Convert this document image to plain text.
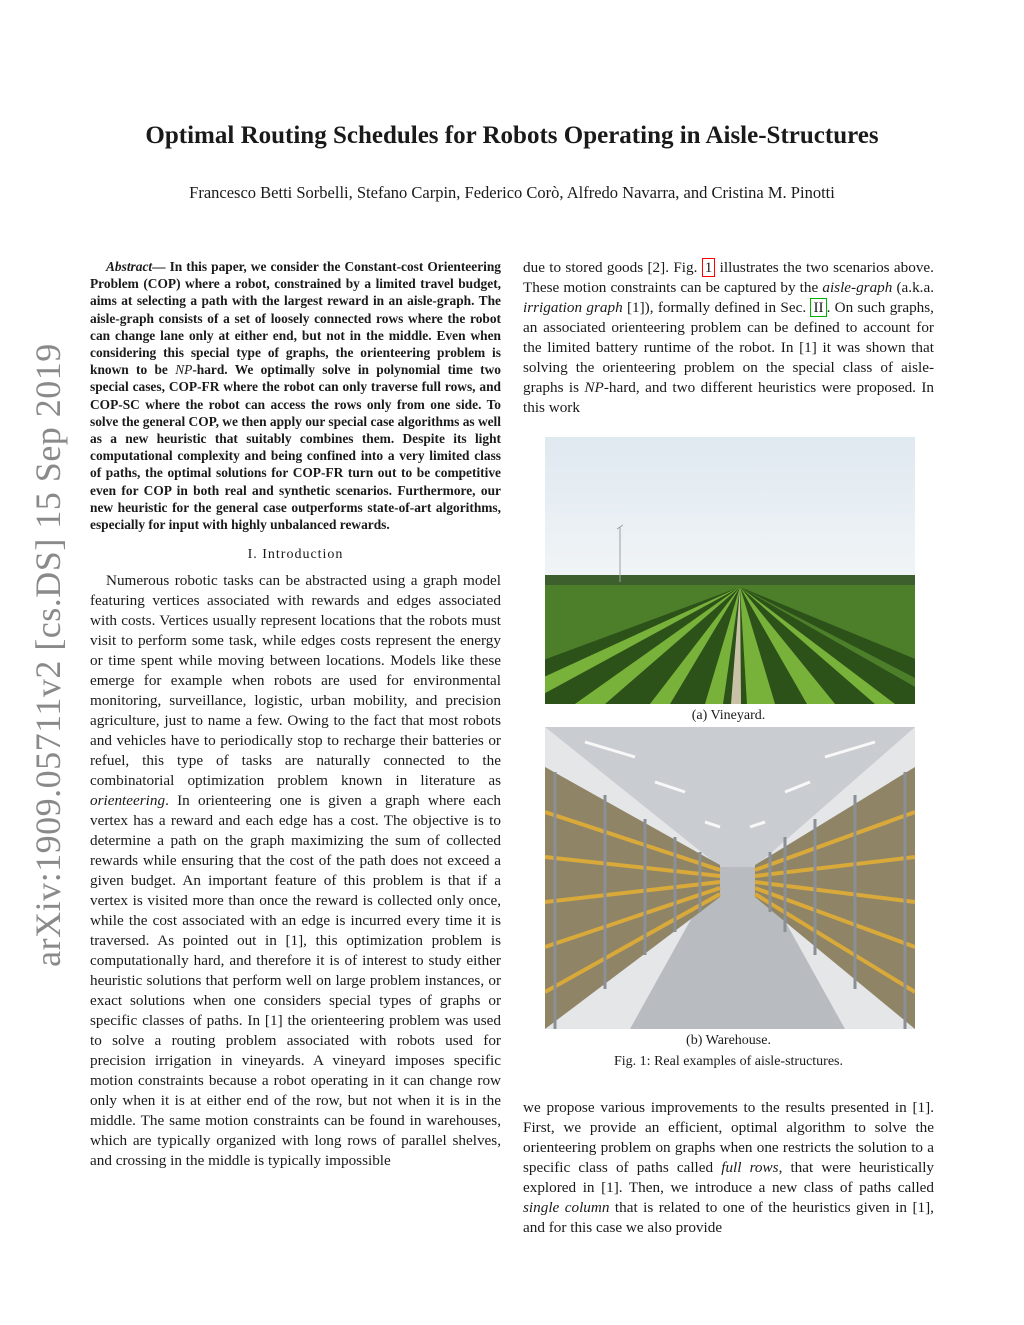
arXiv:1909.05711v2 [cs.DS] 15 Sep 2019
Optimal Routing Schedules for Robots Operating in Aisle-Structures
Francesco Betti Sorbelli, Stefano Carpin, Federico Corò, Alfredo Navarra, and Cristina M. Pinotti

Abstract— In this paper, we consider the Constant-cost Orienteering Problem (COP) where a robot, constrained by a limited travel budget, aims at selecting a path with the largest reward in an aisle-graph. The aisle-graph consists of a set of loosely connected rows where the robot can change lane only at either end, but not in the middle. Even when considering this special type of graphs, the orienteering problem is known to be NP-hard. We optimally solve in polynomial time two special cases, COP-FR where the robot can only traverse full rows, and COP-SC where the robot can access the rows only from one side. To solve the general COP, we then apply our special case algorithms as well as a new heuristic that suitably combines them. Despite its light computational complexity and being confined into a very limited class of paths, the optimal solutions for COP-FR turn out to be competitive even for COP in both real and synthetic scenarios. Furthermore, our new heuristic for the general case outperforms state-of-art algorithms, especially for input with highly unbalanced rewards.

I. Introduction

Numerous robotic tasks can be abstracted using a graph model featuring vertices associated with rewards and edges associated with costs. Vertices usually represent locations that the robots must visit to perform some task, while edges costs represent the energy or time spent while moving between locations. Models like these emerge for example when robots are used for environmental monitoring, surveillance, logistic, urban mobility, and precision agriculture, just to name a few. Owing to the fact that most robots and vehicles have to periodically stop to recharge their batteries or refuel, this type of tasks are naturally connected to the combinatorial optimization problem known in literature as orienteering. In orienteering one is given a graph where each vertex has a reward and each edge has a cost. The objective is to determine a path on the graph maximizing the sum of collected rewards while ensuring that the cost of the path does not exceed a given budget. An important feature of this problem is that if a vertex is visited more than once the reward is collected only once, while the cost associated with an edge is incurred every time it is traversed. As pointed out in [1], this optimization problem is computationally hard, and therefore it is of interest to study either heuristic solutions that perform well on large problem instances, or exact solutions when one considers special types of graphs or specific classes of paths. In [1] the orienteering problem was used to solve a routing problem associated with robots used for precision irrigation in vineyards. A vineyard imposes specific motion constraints because a robot operating in it can change row only when it is at either end of the row, but not when it is in the middle. The same motion constraints can be found in warehouses, which are typically organized with long rows of parallel shelves, and crossing in the middle is typically impossible

due to stored goods [2]. Fig. 1 illustrates the two scenarios above. These motion constraints can be captured by the aisle-graph (a.k.a. irrigation graph [1]), formally defined in Sec. II . On such graphs, an associated orienteering problem can be defined to account for the limited battery runtime of the robot. In [1] it was shown that solving the orienteering problem on the special class of aisle-graphs is NP-hard, and two different heuristics were proposed. In this work

(a) Vineyard.
(b) Warehouse.
Fig. 1: Real examples of aisle-structures.

we propose various improvements to the results presented in [1]. First, we provide an efficient, optimal algorithm to solve the orienteering problem on graphs when one restricts the solution to a specific class of paths called full rows, that were heuristically explored in [1]. Then, we introduce a new class of paths called single column that is related to one of the heuristics given in [1], and for this case we also provide
